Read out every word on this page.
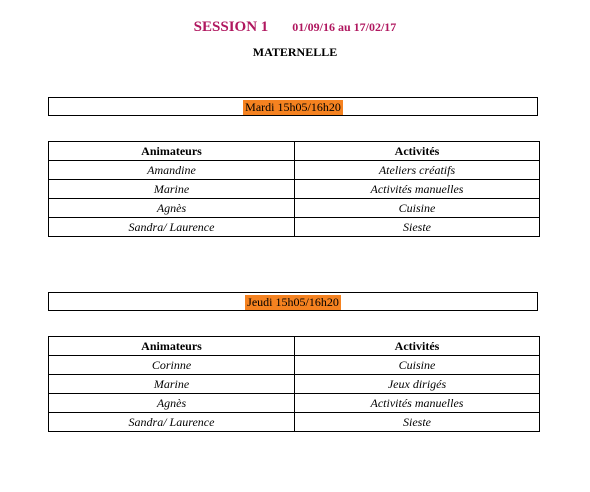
SESSION 1 01/09/16 au 17/02/17
MATERNELLE
Mardi 15h05/16h20
Animateurs	Activités
Amandine	Ateliers créatifs
Marine	Activités manuelles
Agnès	Cuisine
Sandra/ Laurence	Sieste
Jeudi 15h05/16h20
Animateurs	Activités
Corinne	Cuisine
Marine	Jeux dirigés
Agnès	Activités manuelles
Sandra/ Laurence	Sieste
